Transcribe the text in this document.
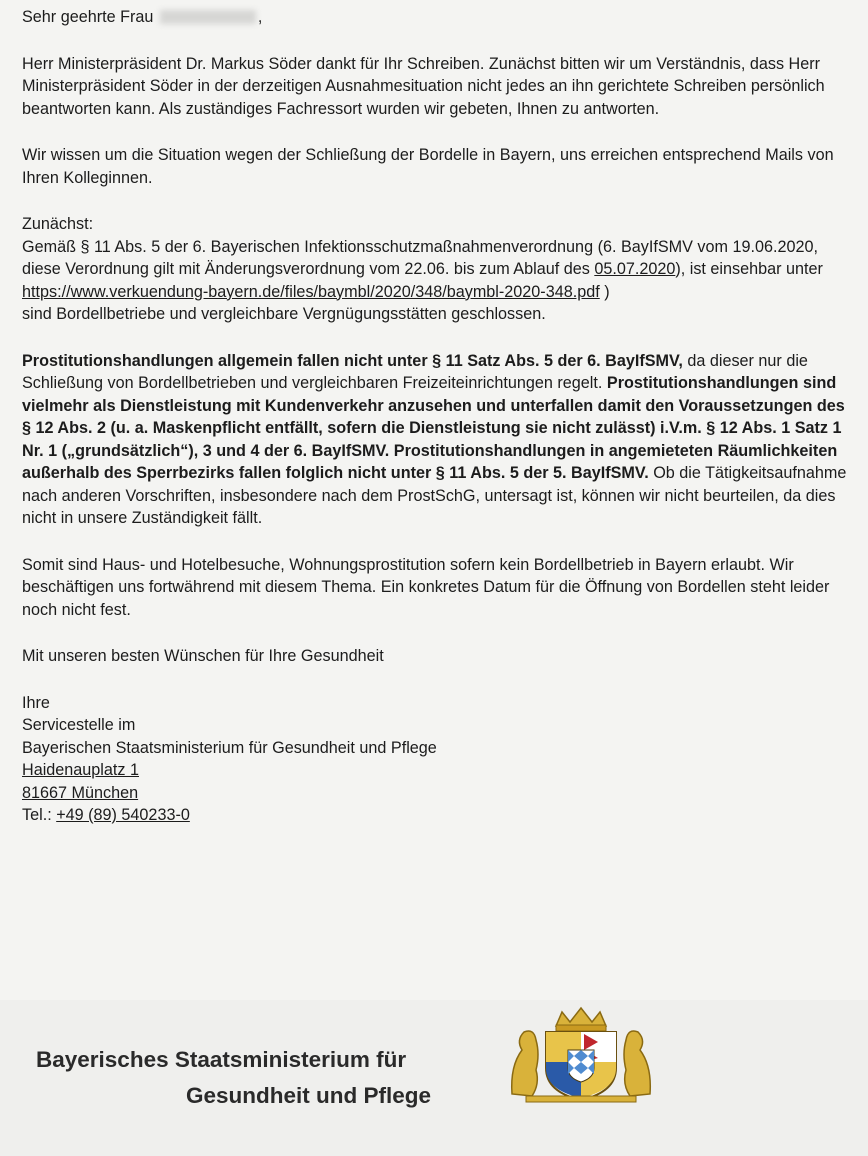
Sehr geehrte Frau	,

Herr Ministerpräsident Dr. Markus Söder dankt für Ihr Schreiben. Zunächst bitten wir um Verständnis, dass Herr Ministerpräsident Söder in der derzeitigen Ausnahmesituation nicht jedes an ihn gerichtete Schreiben persönlich beantworten kann. Als zuständiges Fachressort wurden wir gebeten, Ihnen zu antworten.

Wir wissen um die Situation wegen der Schließung der Bordelle in Bayern, uns erreichen entsprechend Mails von Ihren Kolleginnen.

Zunächst:
Gemäß § 11 Abs. 5 der 6. Bayerischen Infektionsschutzmaßnahmenverordnung (6. BayIfSMV vom 19.06.2020, diese Verordnung gilt mit Änderungsverordnung vom 22.06. bis zum Ablauf des 05.07.2020), ist einsehbar unter https://www.verkuendung-bayern.de/files/baymbl/2020/348/baymbl-2020-348.pdf )
sind Bordellbetriebe und vergleichbare Vergnügungsstätten geschlossen.

Prostitutionshandlungen allgemein fallen nicht unter § 11 Satz Abs. 5 der 6. BayIfSMV, da dieser nur die Schließung von Bordellbetrieben und vergleichbaren Freizeiteinrichtungen regelt. Prostitutionshandlungen sind vielmehr als Dienstleistung mit Kundenverkehr anzusehen und unterfallen damit den Voraussetzungen des § 12 Abs. 2 (u. a. Maskenpflicht entfällt, sofern die Dienstleistung sie nicht zulässt) i.V.m. § 12 Abs. 1 Satz 1 Nr. 1 („grundsätzlich“), 3 und 4 der 6. BayIfSMV. Prostitutionshandlungen in angemieteten Räumlichkeiten außerhalb des Sperrbezirks fallen folglich nicht unter § 11 Abs. 5 der 5. BayIfSMV. Ob die Tätigkeitsaufnahme nach anderen Vorschriften, insbesondere nach dem ProstSchG, untersagt ist, können wir nicht beurteilen, da dies nicht in unsere Zuständigkeit fällt.

Somit sind Haus- und Hotelbesuche, Wohnungsprostitution sofern kein Bordellbetrieb in Bayern erlaubt. Wir beschäftigen uns fortwährend mit diesem Thema. Ein konkretes Datum für die Öffnung von Bordellen steht leider noch nicht fest.

Mit unseren besten Wünschen für Ihre Gesundheit

Ihre
Servicestelle im
Bayerischen Staatsministerium für Gesundheit und Pflege
Haidenauplatz 1
81667 München
Tel.: +49 (89) 540233-0

Bayerisches Staatsministerium für
Gesundheit und Pflege
